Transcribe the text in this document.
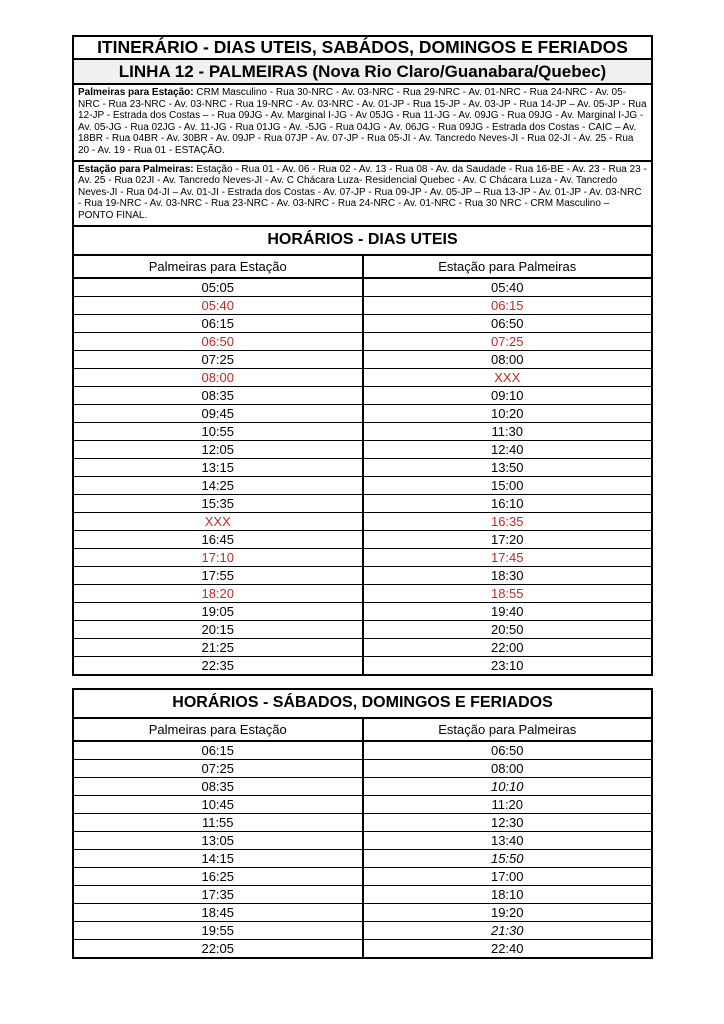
ITINERÁRIO - DIAS UTEIS, SABÁDOS, DOMINGOS E FERIADOS
LINHA 12 - PALMEIRAS (Nova Rio Claro/Guanabara/Quebec)
Palmeiras para Estação: CRM Masculino - Rua 30-NRC - Av. 03-NRC - Rua 29-NRC - Av. 01-NRC - Rua 24-NRC - Av. 05-NRC - Rua 23-NRC - Av. 03-NRC - Rua 19-NRC - Av. 03-NRC - Av. 01-JP - Rua 15-JP - Av. 03-JP - Rua 14-JP – Av. 05-JP - Rua 12-JP - Estrada dos Costas – - Rua 09JG - Av. Marginal I-JG - Av 05JG - Rua 11-JG - Av. 09JG - Rua 09JG - Av. Marginal I-JG - Av. 05-JG - Rua 02JG - Av. 11-JG - Rua 01JG - Av. -5JG - Rua 04JG - Av. 06JG - Rua 09JG - Estrada dos Costas - CAIC – Av. 18BR - Rua 04BR - Av. 30BR - Av. 09JP - Rua 07JP - Av. 07-JP - Rua 05-JI - Av. Tancredo Neves-JI - Rua 02-JI - Av. 25 - Rua 20 - Av. 19 - Rua 01 - ESTAÇÃO.
Estação para Palmeiras: Estação - Rua 01 - Av. 06 - Rua 02 - Av. 13 - Rua 08 - Av. da Saudade - Rua 16-BE - Av. 23 - Rua 23 - Av. 25 - Rua 02JI - Av. Tancredo Neves-JI - Av. C Chácara Luza- Residencial Quebec - Av. C Chácara Luza - Av. Tancredo Neves-JI - Rua 04-JI – Av. 01-JI - Estrada dos Costas - Av. 07-JP - Rua 09-JP - Av. 05-JP – Rua 13-JP - Av. 01-JP - Av. 03-NRC - Rua 19-NRC - Av. 03-NRC - Rua 23-NRC - Av. 03-NRC - Rua 24-NRC - Av. 01-NRC - Rua 30 NRC - CRM Masculino – PONTO FINAL.
HORÁRIOS - DIAS UTEIS
Palmeiras para Estação	Estação para Palmeiras
05:05	05:40
05:40	06:15
06:15	06:50
06:50	07:25
07:25	08:00
08:00	XXX
08:35	09:10
09:45	10:20
10:55	11:30
12:05	12:40
13:15	13:50
14:25	15:00
15:35	16:10
XXX	16:35
16:45	17:20
17:10	17:45
17:55	18:30
18:20	18:55
19:05	19:40
20:15	20:50
21:25	22:00
22:35	23:10
HORÁRIOS - SÁBADOS, DOMINGOS E FERIADOS
Palmeiras para Estação	Estação para Palmeiras
06:15	06:50
07:25	08:00
08:35	10:10
10:45	11:20
11:55	12:30
13:05	13:40
14:15	15:50
16:25	17:00
17:35	18:10
18:45	19:20
19:55	21:30
22:05	22:40
